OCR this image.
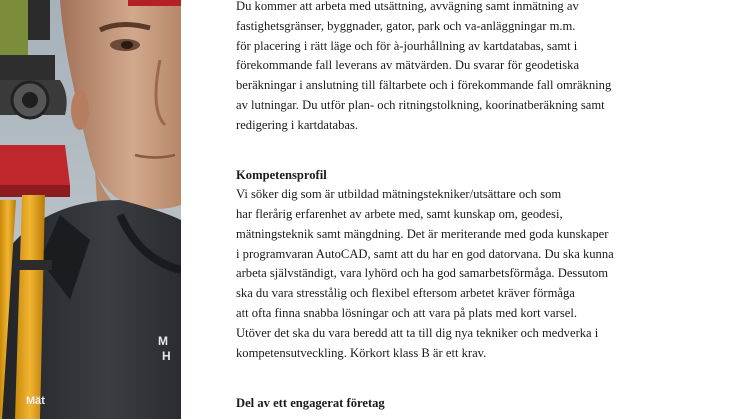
M
H
Mät
Du kommer att arbeta med utsättning, avvägning samt inmätning av
fastighetsgränser, byggnader, gator, park och va-anläggningar m.m.
för placering i rätt läge och för à-jourhållning av kartdatabas, samt i
förekommande fall leverans av mätvärden. Du svarar för geodetiska
beräkningar i anslutning till fältarbete och i förekommande fall omräkning
av lutningar. Du utför plan- och ritningstolkning, koorinatberäkning samt
redigering i kartdatabas.
Kompetensprofil
Vi söker dig som är utbildad mätningstekniker/utsättare och som
har flerårig erfarenhet av arbete med, samt kunskap om, geodesi,
mätningsteknik samt mängdning. Det är meriterande med goda kunskaper
i programvaran AutoCAD, samt att du har en god datorvana. Du ska kunna
arbeta självständigt, vara lyhörd och ha god samarbetsförmåga. Dessutom
ska du vara stresstålig och flexibel eftersom arbetet kräver förmåga
att ofta finna snabba lösningar och att vara på plats med kort varsel.
Utöver det ska du vara beredd att ta till dig nya tekniker och medverka i
kompetensutveckling. Körkort klass B är ett krav.
Del av ett engagerat företag
